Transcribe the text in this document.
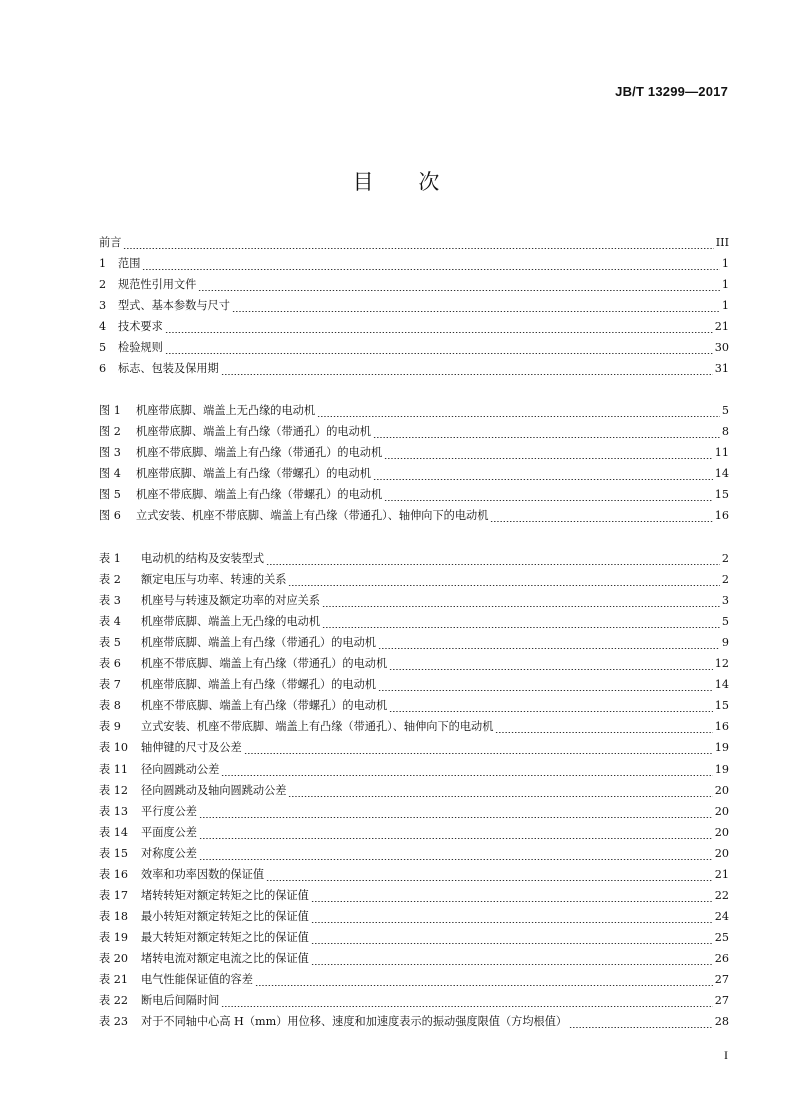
JB/T 13299—2017
目 次
前言	III
1	范围	1
2	规范性引用文件	1
3	型式、基本参数与尺寸	1
4	技术要求	21
5	检验规则	30
6	标志、包装及保用期	31
图 1	机座带底脚、端盖上无凸缘的电动机	5
图 2	机座带底脚、端盖上有凸缘（带通孔）的电动机	8
图 3	机座不带底脚、端盖上有凸缘（带通孔）的电动机	11
图 4	机座带底脚、端盖上有凸缘（带螺孔）的电动机	14
图 5	机座不带底脚、端盖上有凸缘（带螺孔）的电动机	15
图 6	立式安装、机座不带底脚、端盖上有凸缘（带通孔）、轴伸向下的电动机	16
表 1	电动机的结构及安装型式	2
表 2	额定电压与功率、转速的关系	2
表 3	机座号与转速及额定功率的对应关系	3
表 4	机座带底脚、端盖上无凸缘的电动机	5
表 5	机座带底脚、端盖上有凸缘（带通孔）的电动机	9
表 6	机座不带底脚、端盖上有凸缘（带通孔）的电动机	12
表 7	机座带底脚、端盖上有凸缘（带螺孔）的电动机	14
表 8	机座不带底脚、端盖上有凸缘（带螺孔）的电动机	15
表 9	立式安装、机座不带底脚、端盖上有凸缘（带通孔）、轴伸向下的电动机	16
表 10	轴伸键的尺寸及公差	19
表 11	径向圆跳动公差	19
表 12	径向圆跳动及轴向圆跳动公差	20
表 13	平行度公差	20
表 14	平面度公差	20
表 15	对称度公差	20
表 16	效率和功率因数的保证值	21
表 17	堵转转矩对额定转矩之比的保证值	22
表 18	最小转矩对额定转矩之比的保证值	24
表 19	最大转矩对额定转矩之比的保证值	25
表 20	堵转电流对额定电流之比的保证值	26
表 21	电气性能保证值的容差	27
表 22	断电后间隔时间	27
表 23	对于不同轴中心高 H（mm）用位移、速度和加速度表示的振动强度限值（方均根值）	28
I
